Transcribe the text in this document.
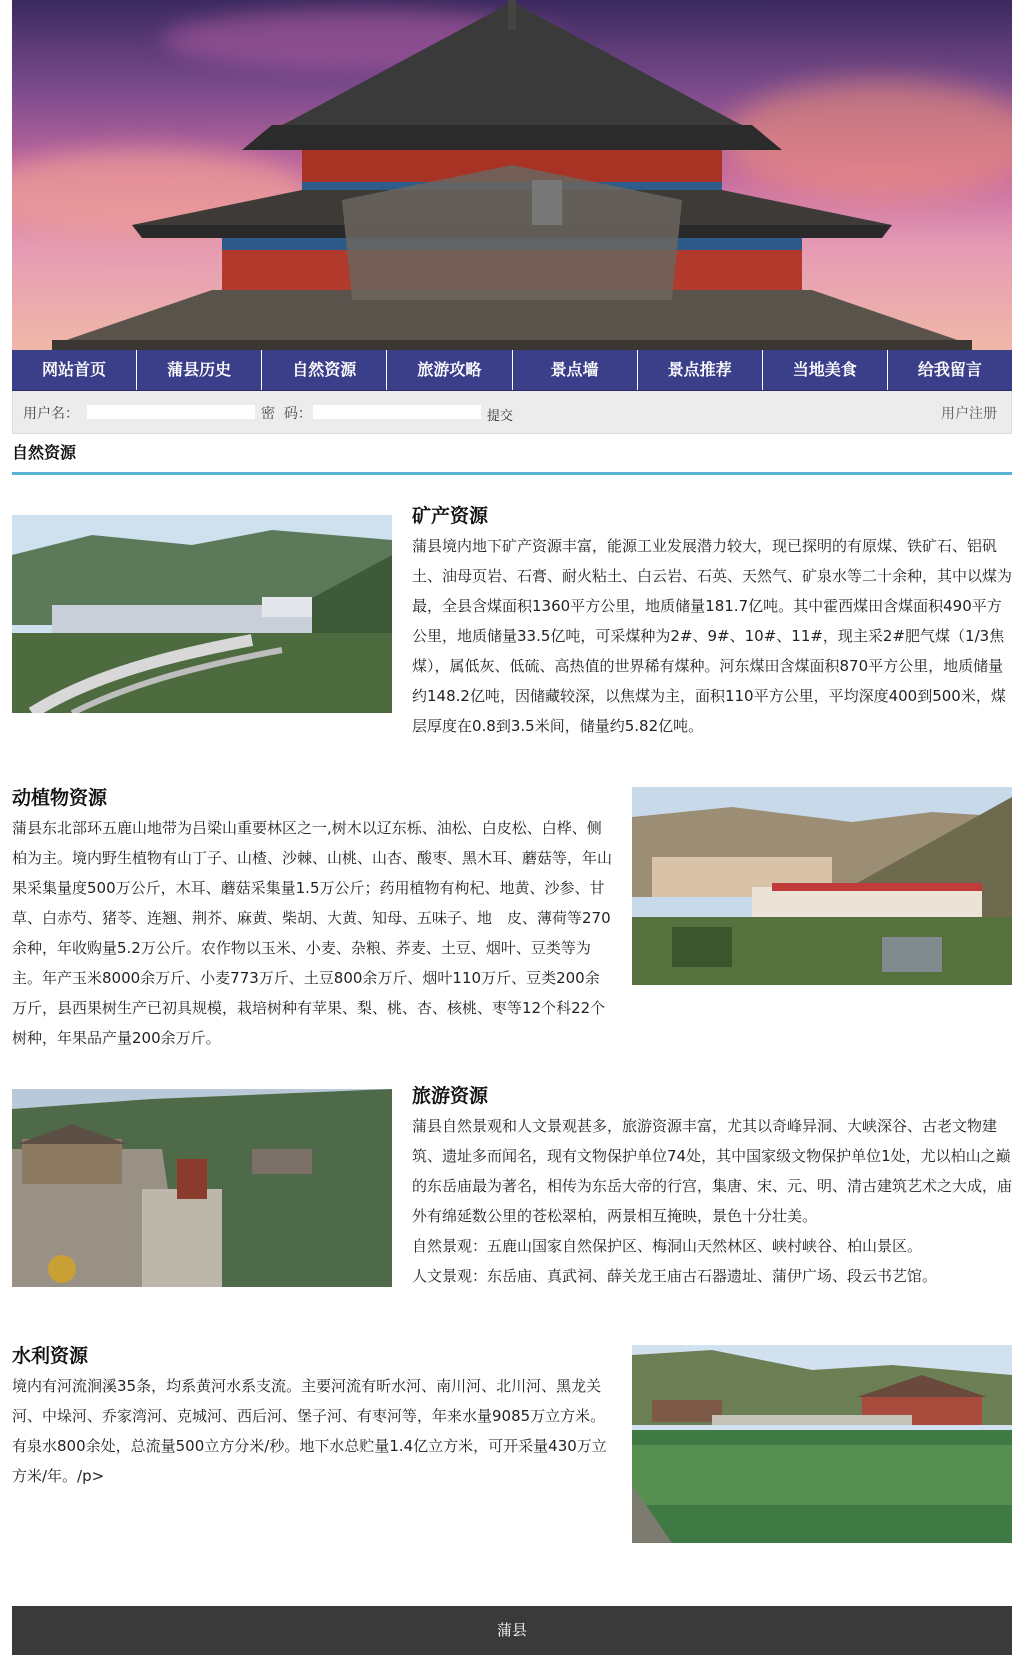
网站首页	蒲县历史	自然资源	旅游攻略	景点墙	景点推荐	当地美食	给我留言
用户名：	密  码：	提交	用户注册
自然资源
矿产资源

蒲县境内地下矿产资源丰富，能源工业发展潜力较大，现已探明的有原煤、铁矿石、铝矾土、油母页岩、石膏、耐火粘土、白云岩、石英、天然气、矿泉水等二十余种，其中以煤为最，全县含煤面积1360平方公里，地质储量181.7亿吨。其中霍西煤田含煤面积490平方公里，地质储量33.5亿吨，可采煤种为2#、9#、10#、11#，现主采2#肥气煤（1/3焦煤），属低灰、低硫、高热值的世界稀有煤种。河东煤田含煤面积870平方公里，地质储量约148.2亿吨，因储藏较深，以焦煤为主，面积110平方公里，平均深度400到500米，煤层厚度在0.8到3.5米间，储量约5.82亿吨。

动植物资源

蒲县东北部环五鹿山地带为吕梁山重要林区之一,树木以辽东栎、油松、白皮松、白桦、侧柏为主。境内野生植物有山丁子、山楂、沙棘、山桃、山杏、酸枣、黑木耳、蘑菇等，年山果采集量度500万公斤，木耳、蘑菇采集量1.5万公斤；药用植物有枸杞、地黄、沙参、甘草、白赤芍、猪苓、连翘、荆芥、麻黄、柴胡、大黄、知母、五味子、地　皮、薄荷等270余种，年收购量5.2万公斤。农作物以玉米、小麦、杂粮、荞麦、土豆、烟叶、豆类等为主。年产玉米8000余万斤、小麦773万斤、土豆800余万斤、烟叶110万斤、豆类200余万斤，县西果树生产已初具规模，栽培树种有苹果、梨、桃、杏、核桃、枣等12个科22个树种，年果品产量200余万斤。

旅游资源

蒲县自然景观和人文景观甚多，旅游资源丰富，尤其以奇峰异洞、大峡深谷、古老文物建筑、遗址多而闻名，现有文物保护单位74处，其中国家级文物保护单位1处，尤以柏山之巅的东岳庙最为著名，相传为东岳大帝的行宫，集唐、宋、元、明、清古建筑艺术之大成，庙外有绵延数公里的苍松翠柏，两景相互掩映，景色十分壮美。
自然景观：五鹿山国家自然保护区、梅洞山天然林区、峡村峡谷、柏山景区。
人文景观：东岳庙、真武祠、薛关龙王庙古石器遗址、蒲伊广场、段云书艺馆。

水利资源

境内有河流涧溪35条，均系黄河水系支流。主要河流有昕水河、南川河、北川河、黑龙关河、中垛河、乔家湾河、克城河、西后河、堡子河、有枣河等，年来水量9085万立方米。有泉水800余处，总流量500立方分米/秒。地下水总贮量1.4亿立方米，可开采量430万立方米/年。/p>

蒲县
